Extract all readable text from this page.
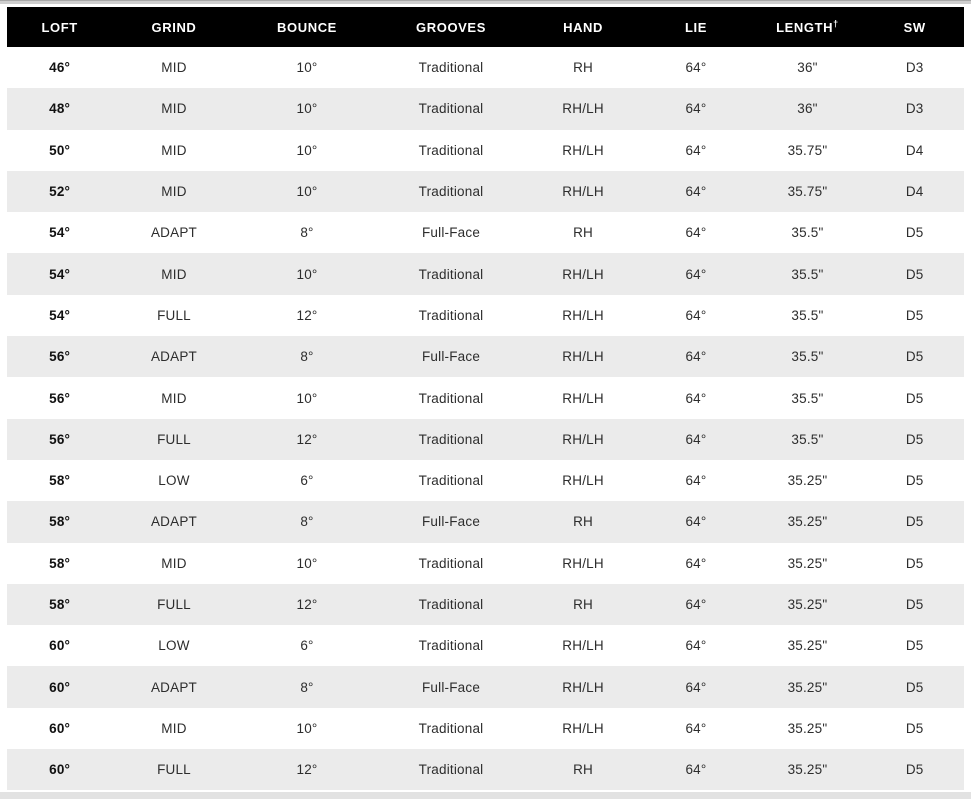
LOFT	GRIND	BOUNCE	GROOVES	HAND	LIE	LENGTH†	SW
46°	MID	10°	Traditional	RH	64°	36"	D3
48°	MID	10°	Traditional	RH/LH	64°	36"	D3
50°	MID	10°	Traditional	RH/LH	64°	35.75"	D4
52°	MID	10°	Traditional	RH/LH	64°	35.75"	D4
54°	ADAPT	8°	Full-Face	RH	64°	35.5"	D5
54°	MID	10°	Traditional	RH/LH	64°	35.5"	D5
54°	FULL	12°	Traditional	RH/LH	64°	35.5"	D5
56°	ADAPT	8°	Full-Face	RH/LH	64°	35.5"	D5
56°	MID	10°	Traditional	RH/LH	64°	35.5"	D5
56°	FULL	12°	Traditional	RH/LH	64°	35.5"	D5
58°	LOW	6°	Traditional	RH/LH	64°	35.25"	D5
58°	ADAPT	8°	Full-Face	RH	64°	35.25"	D5
58°	MID	10°	Traditional	RH/LH	64°	35.25"	D5
58°	FULL	12°	Traditional	RH	64°	35.25"	D5
60°	LOW	6°	Traditional	RH/LH	64°	35.25"	D5
60°	ADAPT	8°	Full-Face	RH/LH	64°	35.25"	D5
60°	MID	10°	Traditional	RH/LH	64°	35.25"	D5
60°	FULL	12°	Traditional	RH	64°	35.25"	D5
